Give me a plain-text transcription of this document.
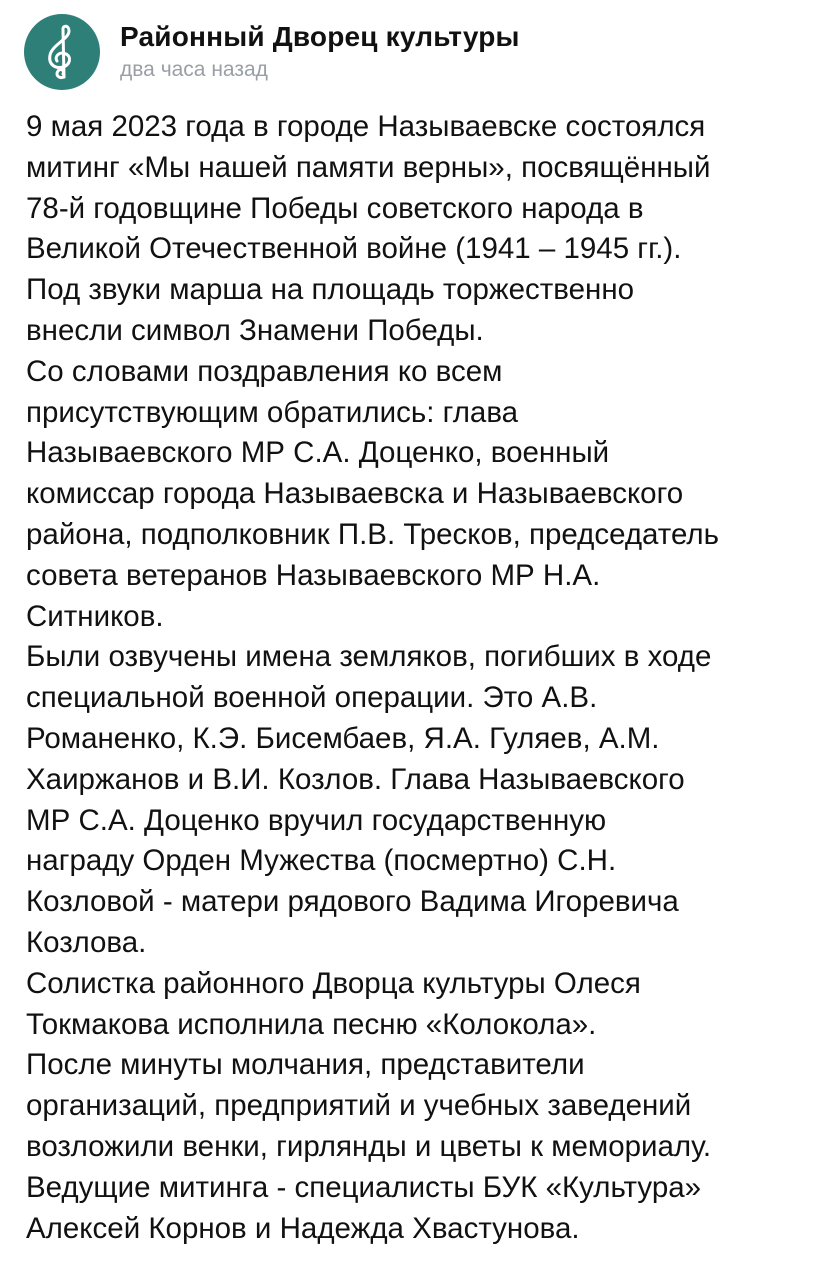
Районный Дворец культуры
два часа назад
9 мая 2023 года в городе Называевске состоялся
митинг «Мы нашей памяти верны», посвящённый
78-й годовщине Победы советского народа в
Великой Отечественной войне (1941 – 1945 гг.).
Под звуки марша на площадь торжественно
внесли символ Знамени Победы.
Со словами поздравления ко всем
присутствующим обратились: глава
Называевского МР С.А. Доценко, военный
комиссар города Называевска и Называевского
района, подполковник П.В. Тресков, председатель
совета ветеранов Называевского МР Н.А.
Ситников.
Были озвучены имена земляков, погибших в ходе
специальной военной операции. Это А.В.
Романенко, К.Э. Бисембаев, Я.А. Гуляев, А.М.
Хаиржанов и В.И. Козлов. Глава Называевского
МР С.А. Доценко вручил государственную
награду Орден Мужества (посмертно) С.Н.
Козловой - матери рядового Вадима Игоревича
Козлова.
Солистка районного Дворца культуры Олеся
Токмакова исполнила песню «Колокола».
После минуты молчания, представители
организаций, предприятий и учебных заведений
возложили венки, гирлянды и цветы к мемориалу.
Ведущие митинга - специалисты БУК «Культура»
Алексей Корнов и Надежда Хвастунова.
